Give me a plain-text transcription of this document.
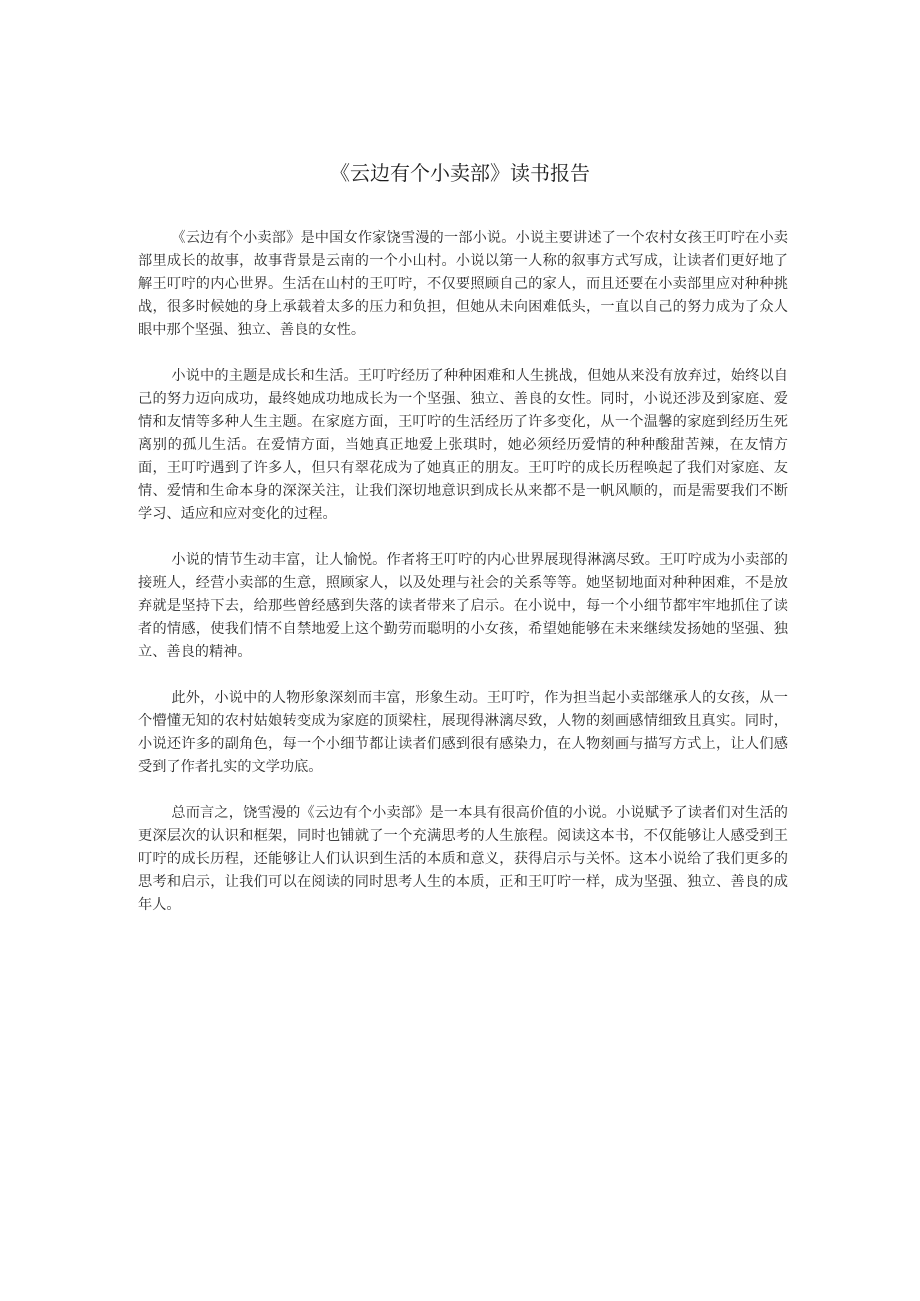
《云边有个小卖部》读书报告

《云边有个小卖部》是中国女作家饶雪漫的一部小说。小说主要讲述了一个农村女孩王叮咛在小卖部里成长的故事，故事背景是云南的一个小山村。小说以第一人称的叙事方式写成，让读者们更好地了解王叮咛的内心世界。生活在山村的王叮咛，不仅要照顾自己的家人，而且还要在小卖部里应对种种挑战，很多时候她的身上承载着太多的压力和负担，但她从未向困难低头，一直以自己的努力成为了众人眼中那个坚强、独立、善良的女性。

小说中的主题是成长和生活。王叮咛经历了种种困难和人生挑战，但她从来没有放弃过，始终以自己的努力迈向成功，最终她成功地成长为一个坚强、独立、善良的女性。同时，小说还涉及到家庭、爱情和友情等多种人生主题。在家庭方面，王叮咛的生活经历了许多变化，从一个温馨的家庭到经历生死离别的孤儿生活。在爱情方面，当她真正地爱上张琪时，她必须经历爱情的种种酸甜苦辣，在友情方面，王叮咛遇到了许多人，但只有翠花成为了她真正的朋友。王叮咛的成长历程唤起了我们对家庭、友情、爱情和生命本身的深深关注，让我们深切地意识到成长从来都不是一帆风顺的，而是需要我们不断学习、适应和应对变化的过程。

小说的情节生动丰富，让人愉悦。作者将王叮咛的内心世界展现得淋漓尽致。王叮咛成为小卖部的接班人，经营小卖部的生意，照顾家人，以及处理与社会的关系等等。她坚韧地面对种种困难，不是放弃就是坚持下去，给那些曾经感到失落的读者带来了启示。在小说中，每一个小细节都牢牢地抓住了读者的情感，使我们情不自禁地爱上这个勤劳而聪明的小女孩，希望她能够在未来继续发扬她的坚强、独立、善良的精神。

此外，小说中的人物形象深刻而丰富，形象生动。王叮咛，作为担当起小卖部继承人的女孩，从一个懵懂无知的农村姑娘转变成为家庭的顶梁柱，展现得淋漓尽致，人物的刻画感情细致且真实。同时，小说还许多的副角色，每一个小细节都让读者们感到很有感染力，在人物刻画与描写方式上，让人们感受到了作者扎实的文学功底。

总而言之，饶雪漫的《云边有个小卖部》是一本具有很高价值的小说。小说赋予了读者们对生活的更深层次的认识和框架，同时也铺就了一个充满思考的人生旅程。阅读这本书，不仅能够让人感受到王叮咛的成长历程，还能够让人们认识到生活的本质和意义，获得启示与关怀。这本小说给了我们更多的思考和启示，让我们可以在阅读的同时思考人生的本质，正和王叮咛一样，成为坚强、独立、善良的成年人。
